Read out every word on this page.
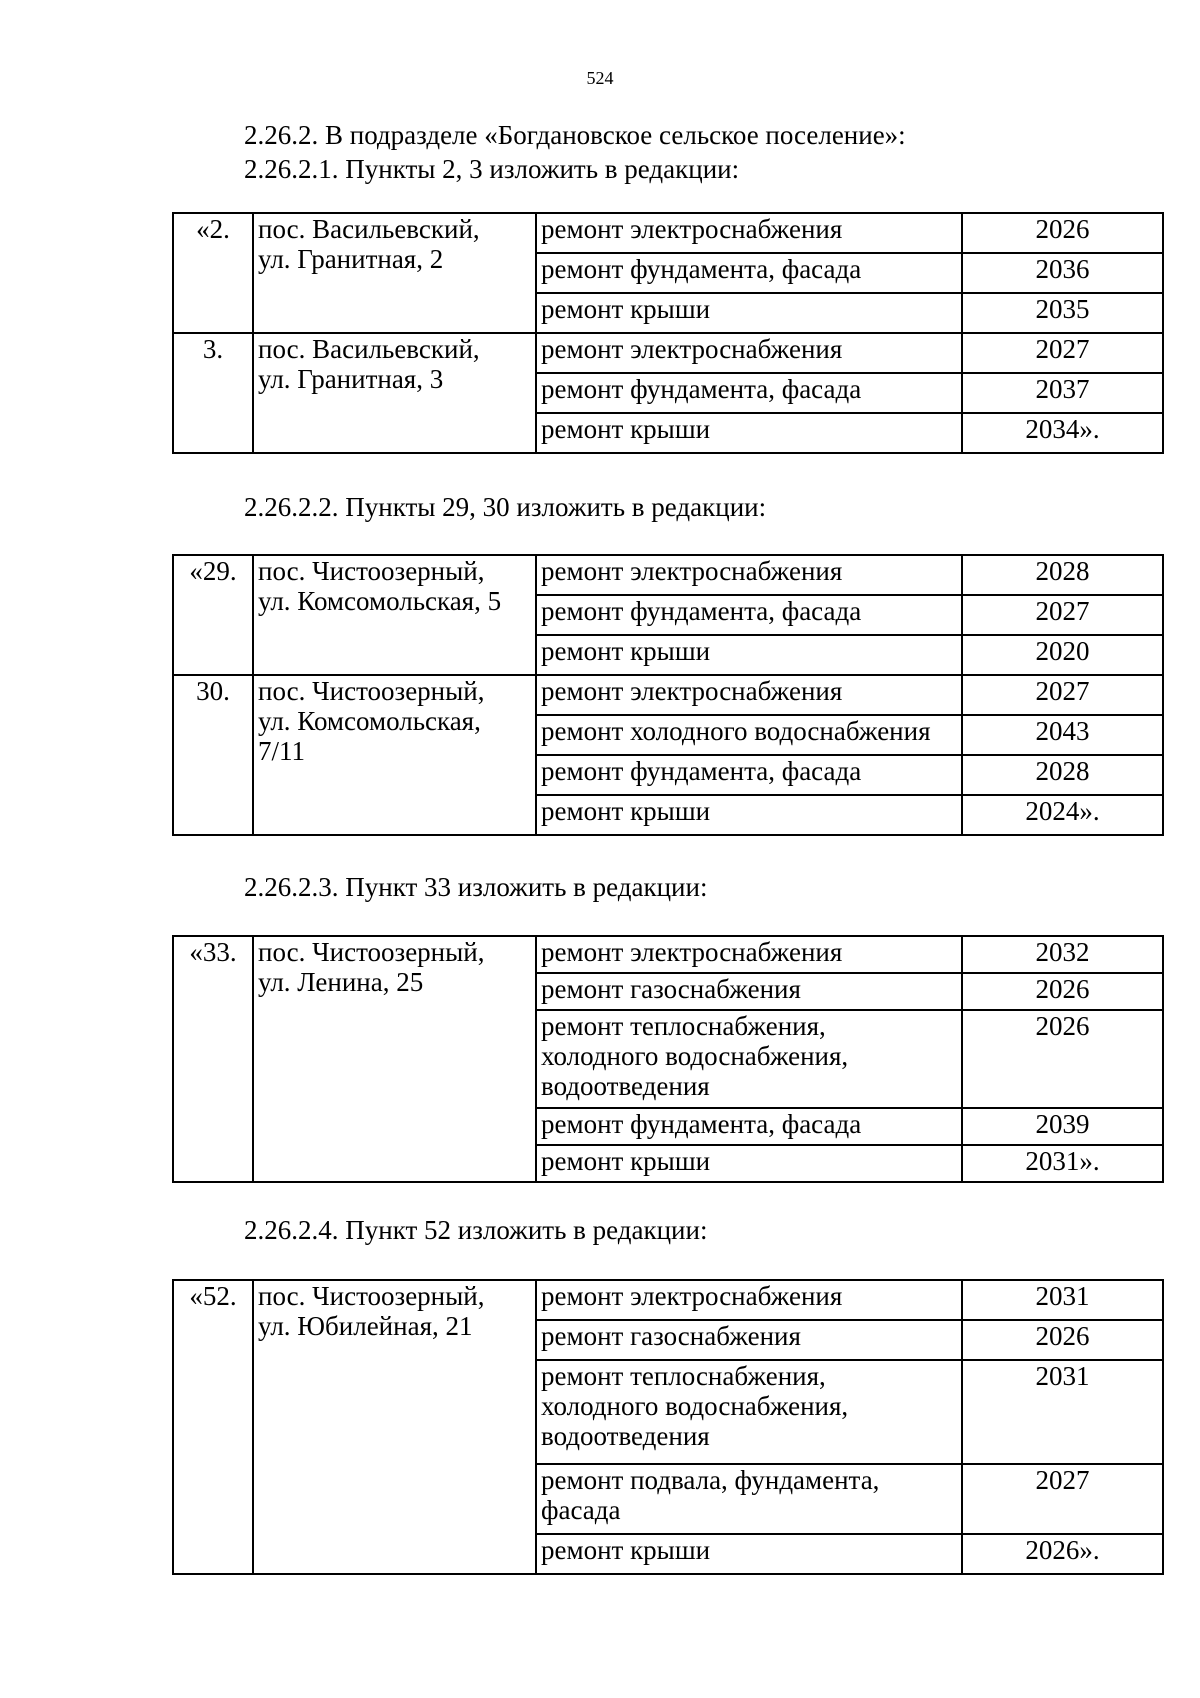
524
2.26.2. В подразделе «Богдановское сельское поселение»:
2.26.2.1. Пункты 2, 3 изложить в редакции:
2.26.2.2. Пункты 29, 30 изложить в редакции:
2.26.2.3. Пункт 33 изложить в редакции:
2.26.2.4. Пункт 52 изложить в редакции:
«2.	пос. Васильевский,
ул. Гранитная, 2	ремонт электроснабжения	2026
		ремонт фундамента, фасада	2036
		ремонт крыши	2035
3.	пос. Васильевский,
ул. Гранитная, 3	ремонт электроснабжения	2027
		ремонт фундамента, фасада	2037
		ремонт крыши	2034».
«29.	пос. Чистоозерный,
ул. Комсомольская, 5	ремонт электроснабжения	2028
		ремонт фундамента, фасада	2027
		ремонт крыши	2020
30.	пос. Чистоозерный,
ул. Комсомольская,
7/11	ремонт электроснабжения	2027
		ремонт холодного водоснабжения	2043
		ремонт фундамента, фасада	2028
		ремонт крыши	2024».
«33.	пос. Чистоозерный,
ул. Ленина, 25	ремонт электроснабжения	2032
		ремонт газоснабжения	2026
		ремонт теплоснабжения,
холодного водоснабжения,
водоотведения	2026
		ремонт фундамента, фасада	2039
		ремонт крыши	2031».
«52.	пос. Чистоозерный,
ул. Юбилейная, 21	ремонт электроснабжения	2031
		ремонт газоснабжения	2026
		ремонт теплоснабжения,
холодного водоснабжения,
водоотведения	2031
		ремонт подвала, фундамента,
фасада	2027
		ремонт крыши	2026».
